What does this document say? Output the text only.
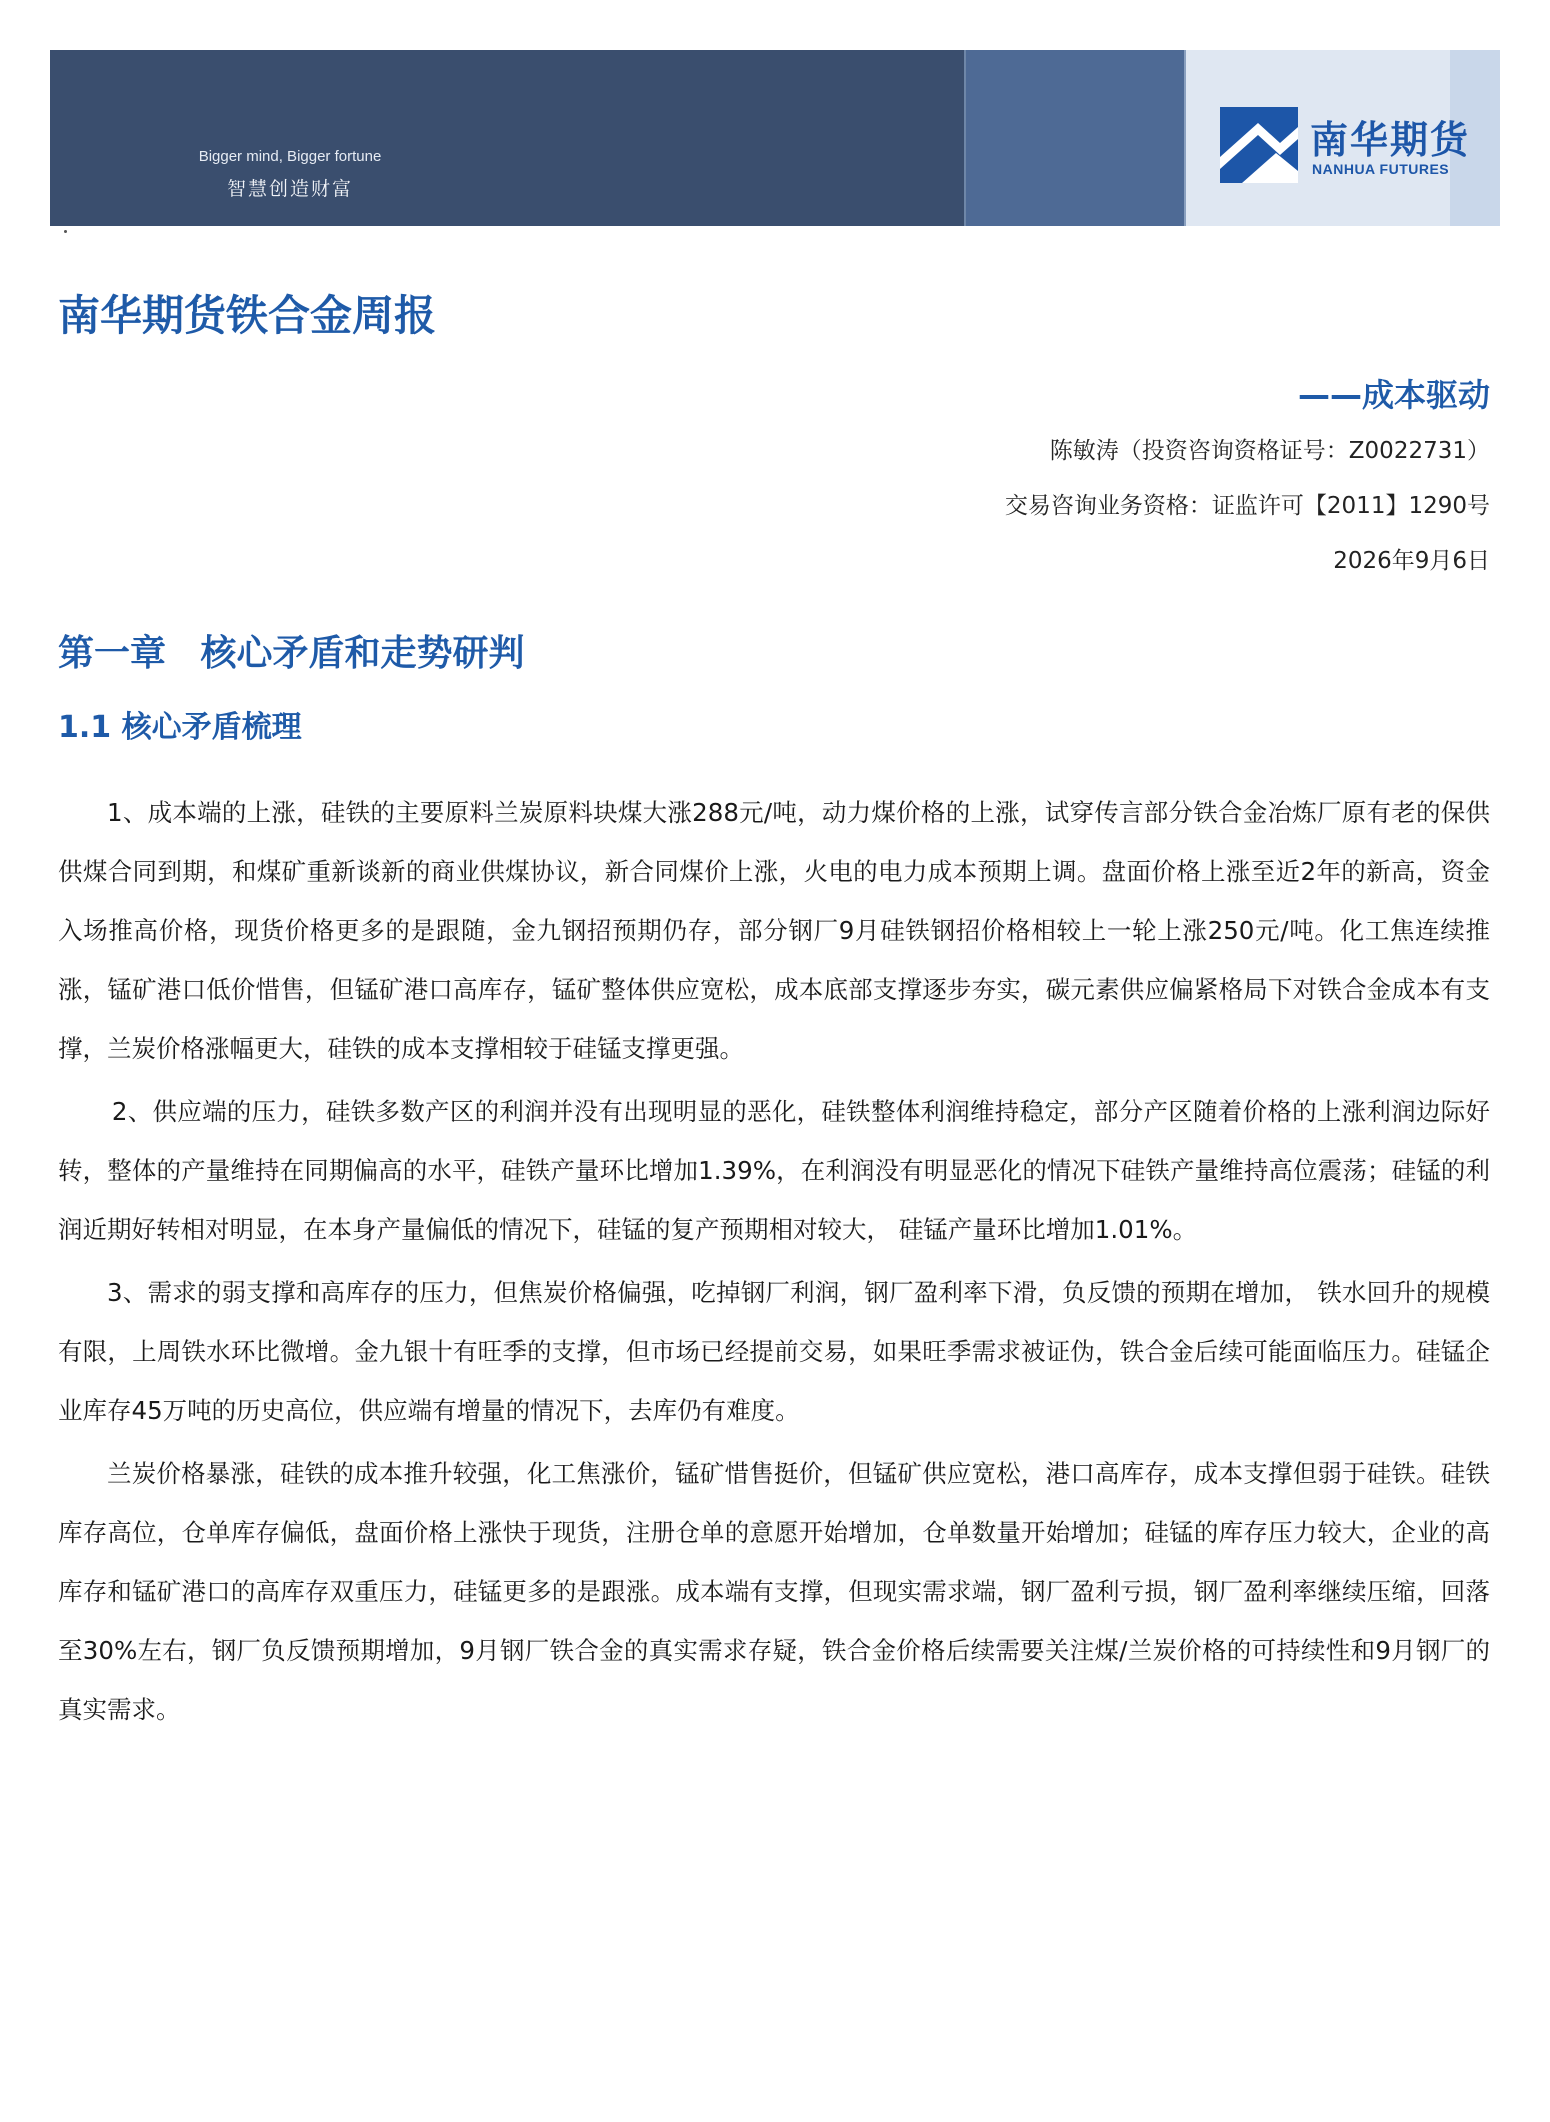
Bigger mind, Bigger fortune
智慧创造财富
南华期货
NANHUA FUTURES
南华期货铁合金周报
——成本驱动
陈敏涛（投资咨询资格证号：Z0022731）
交易咨询业务资格：证监许可【2011】1290号
2026年9月6日
第一章 核心矛盾和走势研判
1.1 核心矛盾梳理

1、成本端的上涨，硅铁的主要原料兰炭原料块煤大涨288元/吨，动力煤价格的上涨，试穿传言部分铁合金冶炼厂原有老的保供供煤合同到期，和煤矿重新谈新的商业供煤协议，新合同煤价上涨，火电的电力成本预期上调。盘面价格上涨至近2年的新高，资金入场推高价格，现货价格更多的是跟随，金九钢招预期仍存，部分钢厂9月硅铁钢招价格相较上一轮上涨250元/吨。化工焦连续推涨，锰矿港口低价惜售，但锰矿港口高库存，锰矿整体供应宽松，成本底部支撑逐步夯实，碳元素供应偏紧格局下对铁合金成本有支撑，兰炭价格涨幅更大，硅铁的成本支撑相较于硅锰支撑更强。

2、供应端的压力，硅铁多数产区的利润并没有出现明显的恶化，硅铁整体利润维持稳定，部分产区随着价格的上涨利润边际好转，整体的产量维持在同期偏高的水平，硅铁产量环比增加1.39%，在利润没有明显恶化的情况下硅铁产量维持高位震荡；硅锰的利润近期好转相对明显，在本身产量偏低的情况下，硅锰的复产预期相对较大， 硅锰产量环比增加1.01%。

3、需求的弱支撑和高库存的压力，但焦炭价格偏强，吃掉钢厂利润，钢厂盈利率下滑，负反馈的预期在增加， 铁水回升的规模有限，上周铁水环比微增。金九银十有旺季的支撑，但市场已经提前交易，如果旺季需求被证伪，铁合金后续可能面临压力。硅锰企业库存45万吨的历史高位，供应端有增量的情况下，去库仍有难度。

兰炭价格暴涨，硅铁的成本推升较强，化工焦涨价，锰矿惜售挺价，但锰矿供应宽松，港口高库存，成本支撑但弱于硅铁。硅铁库存高位，仓单库存偏低，盘面价格上涨快于现货，注册仓单的意愿开始增加，仓单数量开始增加；硅锰的库存压力较大，企业的高库存和锰矿港口的高库存双重压力，硅锰更多的是跟涨。成本端有支撑，但现实需求端，钢厂盈利亏损，钢厂盈利率继续压缩，回落至30%左右，钢厂负反馈预期增加，9月钢厂铁合金的真实需求存疑，铁合金价格后续需要关注煤/兰炭价格的可持续性和9月钢厂的真实需求。
